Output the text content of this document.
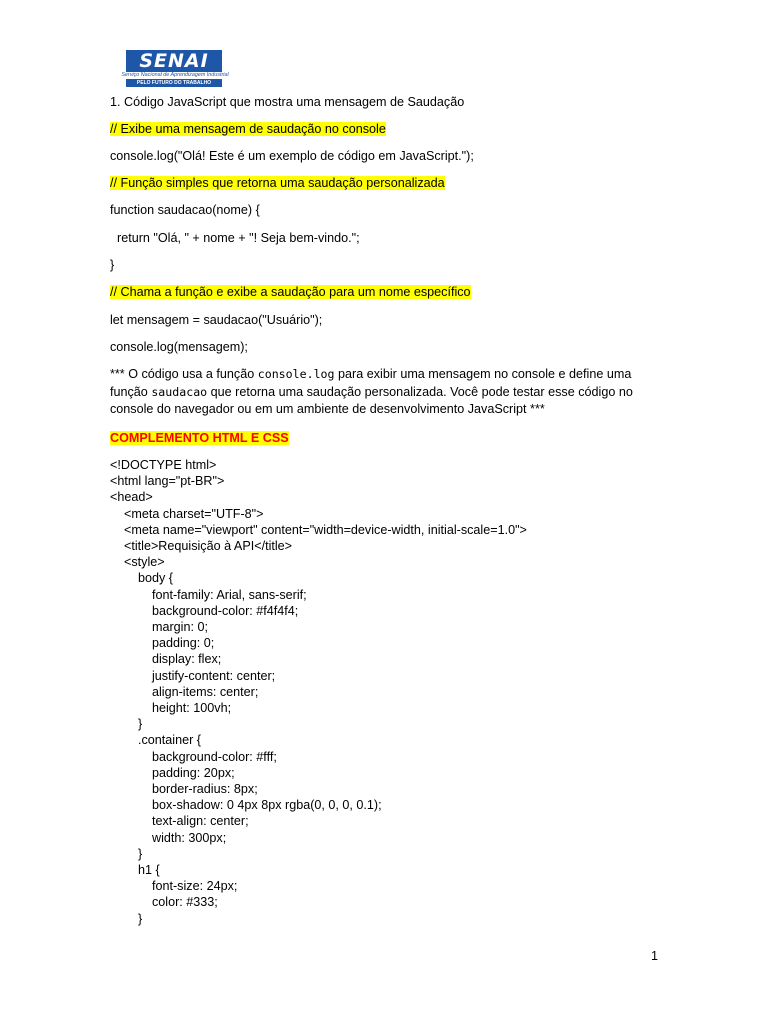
SENAI
Serviço Nacional de Aprendizagem Industrial
PELO FUTURO DO TRABALHO
1. Código JavaScript que mostra uma mensagem de Saudação
// Exibe uma mensagem de saudação no console
console.log("Olá! Este é um exemplo de código em JavaScript.");
// Função simples que retorna uma saudação personalizada
function saudacao(nome) {
return "Olá, " + nome + "! Seja bem-vindo.";
}
// Chama a função e exibe a saudação para um nome específico
let mensagem = saudacao("Usuário");
console.log(mensagem);
*** O código usa a função console.log para exibir uma mensagem no console e define uma função saudacao que retorna uma saudação personalizada. Você pode testar esse código no console do navegador ou em um ambiente de desenvolvimento JavaScript ***
COMPLEMENTO HTML E CSS
<!DOCTYPE html>
<html lang="pt-BR">
<head>
<meta charset="UTF-8">
<meta name="viewport" content="width=device-width, initial-scale=1.0">
<title>Requisição à API</title>
<style>
body {
font-family: Arial, sans-serif;
background-color: #f4f4f4;
margin: 0;
padding: 0;
display: flex;
justify-content: center;
align-items: center;
height: 100vh;
}
.container {
background-color: #fff;
padding: 20px;
border-radius: 8px;
box-shadow: 0 4px 8px rgba(0, 0, 0, 0.1);
text-align: center;
width: 300px;
}
h1 {
font-size: 24px;
color: #333;
}
1
